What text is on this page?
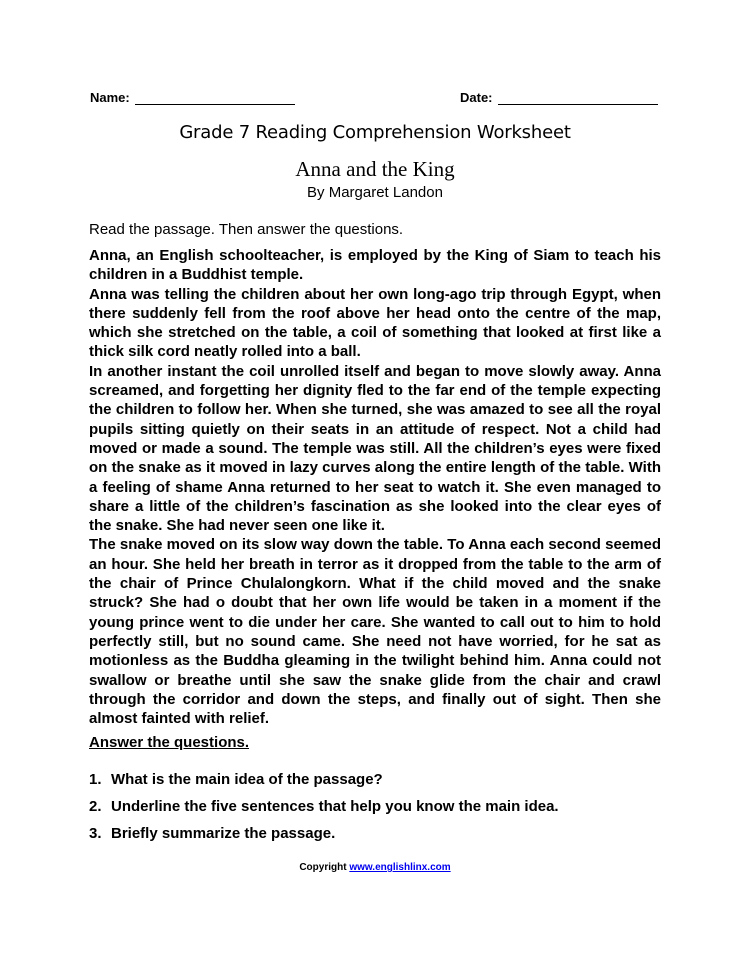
Name:	Date:
Grade 7 Reading Comprehension Worksheet
Anna and the King
By Margaret Landon
Read the passage. Then answer the questions.

Anna, an English schoolteacher, is employed by the King of Siam to teach his children in a Buddhist temple.

Anna was telling the children about her own long-ago trip through Egypt, when there suddenly fell from the roof above her head onto the centre of the map, which she stretched on the table, a coil of something that looked at first like a thick silk cord neatly rolled into a ball.

In another instant the coil unrolled itself and began to move slowly away. Anna screamed, and forgetting her dignity fled to the far end of the temple expecting the children to follow her. When she turned, she was amazed to see all the royal pupils sitting quietly on their seats in an attitude of respect. Not a child had moved or made a sound. The temple was still. All the children’s eyes were fixed on the snake as it moved in lazy curves along the entire length of the table. With a feeling of shame Anna returned to her seat to watch it. She even managed to share a little of the children’s fascination as she looked into the clear eyes of the snake. She had never seen one like it.

The snake moved on its slow way down the table. To Anna each second seemed an hour. She held her breath in terror as it dropped from the table to the arm of the chair of Prince Chulalongkorn. What if the child moved and the snake struck? She had o doubt that her own life would be taken in a moment if the young prince went to die under her care. She wanted to call out to him to hold perfectly still, but no sound came. She need not have worried, for he sat as motionless as the Buddha gleaming in the twilight behind him. Anna could not swallow or breathe until she saw the snake glide from the chair and crawl through the corridor and down the steps, and finally out of sight. Then she almost fainted with relief.

Answer the questions.
1. What is the main idea of the passage?
2. Underline the five sentences that help you know the main idea.
3. Briefly summarize the passage.
Copyright www.englishlinx.com
